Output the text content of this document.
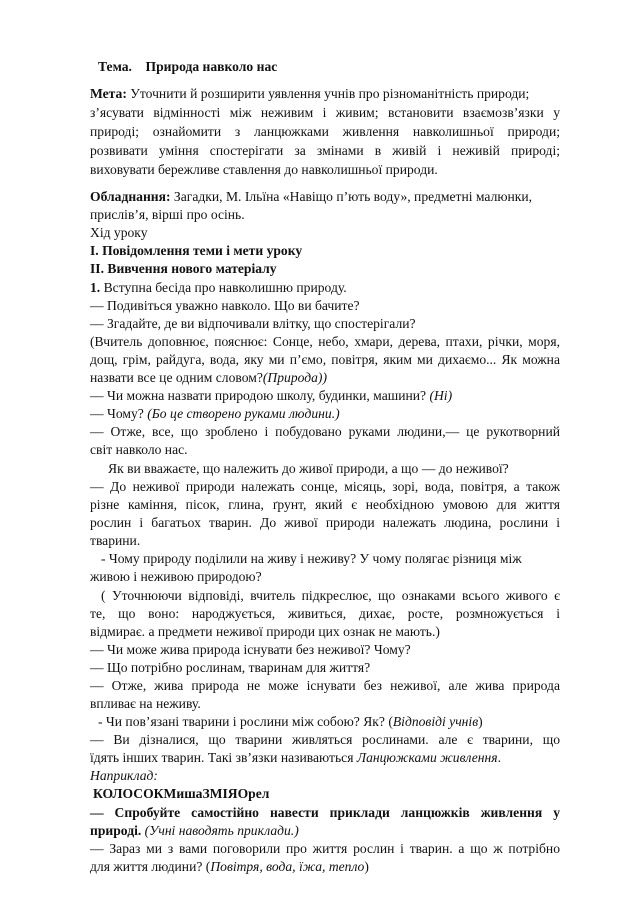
Тема. Природа навколо нас
Мета: Уточнити й розширити уявлення учнів про різноманітність природи;
з’ясувати відмінності між неживим і живим; встановити взаємозв’язки у
природі; ознайомити з ланцюжками живлення навколишньої природи;
розвивати уміння спостерігати за змінами в живій і неживій природі;
виховувати бережливе ставлення до навколишньої природи.
Обладнання: Загадки, М. Ільїна «Навіщо п’ють воду», предметні малюнки,
прислів’я, вірші про осінь.
Хід уроку
І. Повідомлення теми і мети уроку
ІІ. Вивчення нового матеріалу
1. Вступна бесіда про навколишню природу.
— Подивіться уважно навколо. Що ви бачите?
— Згадайте, де ви відпочивали влітку, що спостерігали?
(Вчитель доповнює, пояснює: Сонце, небо, хмари, дерева, птахи, річки, моря,
дощ, грім, райдуга, вода, яку ми п’ємо, повітря, яким ми дихаємо... Як можна
назвати все це одним словом?(Природа))
— Чи можна назвати природою школу, будинки, машини? (Ні)
— Чому? (Бо це створено руками людини.)
— Отже, все, що зроблено і побудовано руками людини,— це рукотворний
світ навколо нас.
Як ви вважаєте, що належить до живої природи, а що — до неживої?
— До неживої природи належать сонце, місяць, зорі, вода, повітря, а також
різне каміння, пісок, глина, ґрунт, який є необхідною умовою для життя
рослин і багатьох тварин. До живої природи належать людина, рослини і
тварини.
- Чому природу поділили на живу і неживу? У чому полягає різниця між
живою і неживою природою?
( Уточнюючи відповіді, вчитель підкреслює, що ознаками всього живого є
те, що воно: народжується, живиться, дихає, росте, розмножується і
відмирає. а предмети неживої природи цих ознак не мають.)
— Чи може жива природа існувати без неживої? Чому?
— Що потрібно рослинам, тваринам для життя?
— Отже, жива природа не може існувати без неживої, але жива природа
впливає на неживу.
- Чи пов’язані тварини і рослини між собою? Як? (Відповіді учнів)
— Ви дізналися, що тварини живляться рослинами. але є тварини, що
їдять інших тварин. Такі зв’язки називаються Ланцюжками живлення.
Наприклад:
КОЛОСОКМишаЗМІЯОрел
— Спробуйте самостійно навести приклади ланцюжків живлення у
природі. (Учні наводять приклади.)
— Зараз ми з вами поговорили про життя рослин і тварин. а що ж потрібно
для життя людини? (Повітря, вода, їжа, тепло)
